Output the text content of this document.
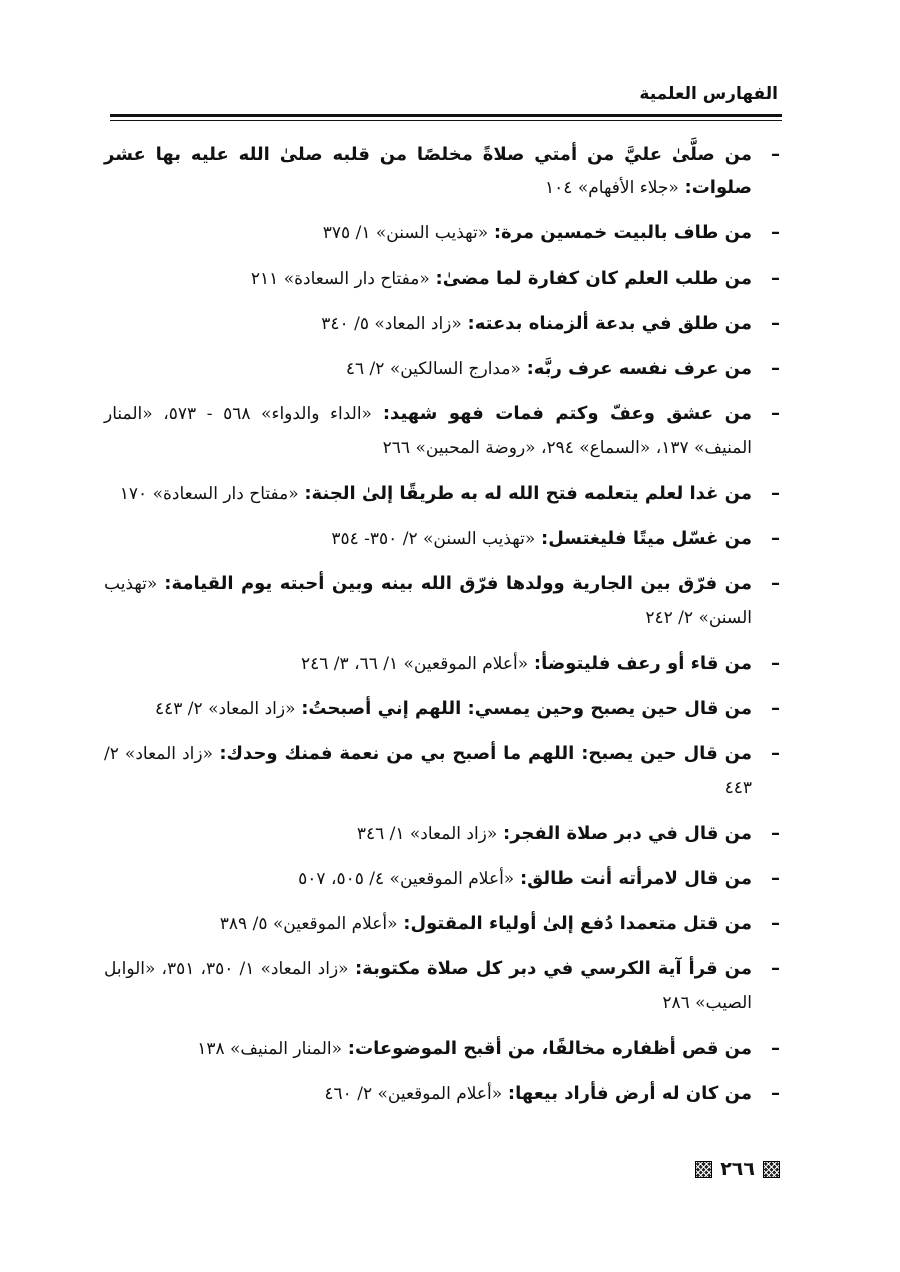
الفهارس العلمية
–
من صلَّىٰ عليَّ من أمتي صلاةً مخلصًا من قلبه صلىٰ الله عليه بها عشر صلوات: «جلاء الأفهام» ١٠٤
–
من طاف بالبيت خمسين مرة: «تهذيب السنن» ١/ ٣٧٥
–
من طلب العلم كان كفارة لما مضىٰ: «مفتاح دار السعادة» ٢١١
–
من طلق في بدعة ألزمناه بدعته: «زاد المعاد» ٥/ ٣٤٠
–
من عرف نفسه عرف ربَّه: «مدارج السالكين» ٢/ ٤٦
–
من عشق وعفّ وكتم فمات فهو شهيد: «الداء والدواء» ٥٦٨ - ٥٧٣، «المنار المنيف» ١٣٧، «السماع» ٢٩٤، «روضة المحبين» ٢٦٦
–
من غدا لعلم يتعلمه فتح الله له به طريقًا إلىٰ الجنة: «مفتاح دار السعادة» ١٧٠
–
من غسّل ميتًا فليغتسل: «تهذيب السنن» ٢/ ٣٥٠- ٣٥٤
–
من فرّق بين الجارية وولدها فرّق الله بينه وبين أحبته يوم القيامة: «تهذيب السنن» ٢/ ٢٤٢
–
من قاء أو رعف فليتوضأ: «أعلام الموقعين» ١/ ٦٦، ٣/ ٢٤٦
–
من قال حين يصبح وحين يمسي: اللهم إني أصبحتُ: «زاد المعاد» ٢/ ٤٤٣
–
من قال حين يصبح: اللهم ما أصبح بي من نعمة فمنك وحدك: «زاد المعاد» ٢/ ٤٤٣
–
من قال في دبر صلاة الفجر: «زاد المعاد» ١/ ٣٤٦
–
من قال لامرأته أنت طالق: «أعلام الموقعين» ٤/ ٥٠٥، ٥٠٧
–
من قتل متعمدا دُفع إلىٰ أولياء المقتول: «أعلام الموقعين» ٥/ ٣٨٩
–
من قرأ آية الكرسي في دبر كل صلاة مكتوبة: «زاد المعاد» ١/ ٣٥٠، ٣٥١، «الوابل الصيب» ٢٨٦
–
من قص أظفاره مخالفًا، من أقبح الموضوعات: «المنار المنيف» ١٣٨
–
من كان له أرض فأراد بيعها: «أعلام الموقعين» ٢/ ٤٦٠
٢٦٦
